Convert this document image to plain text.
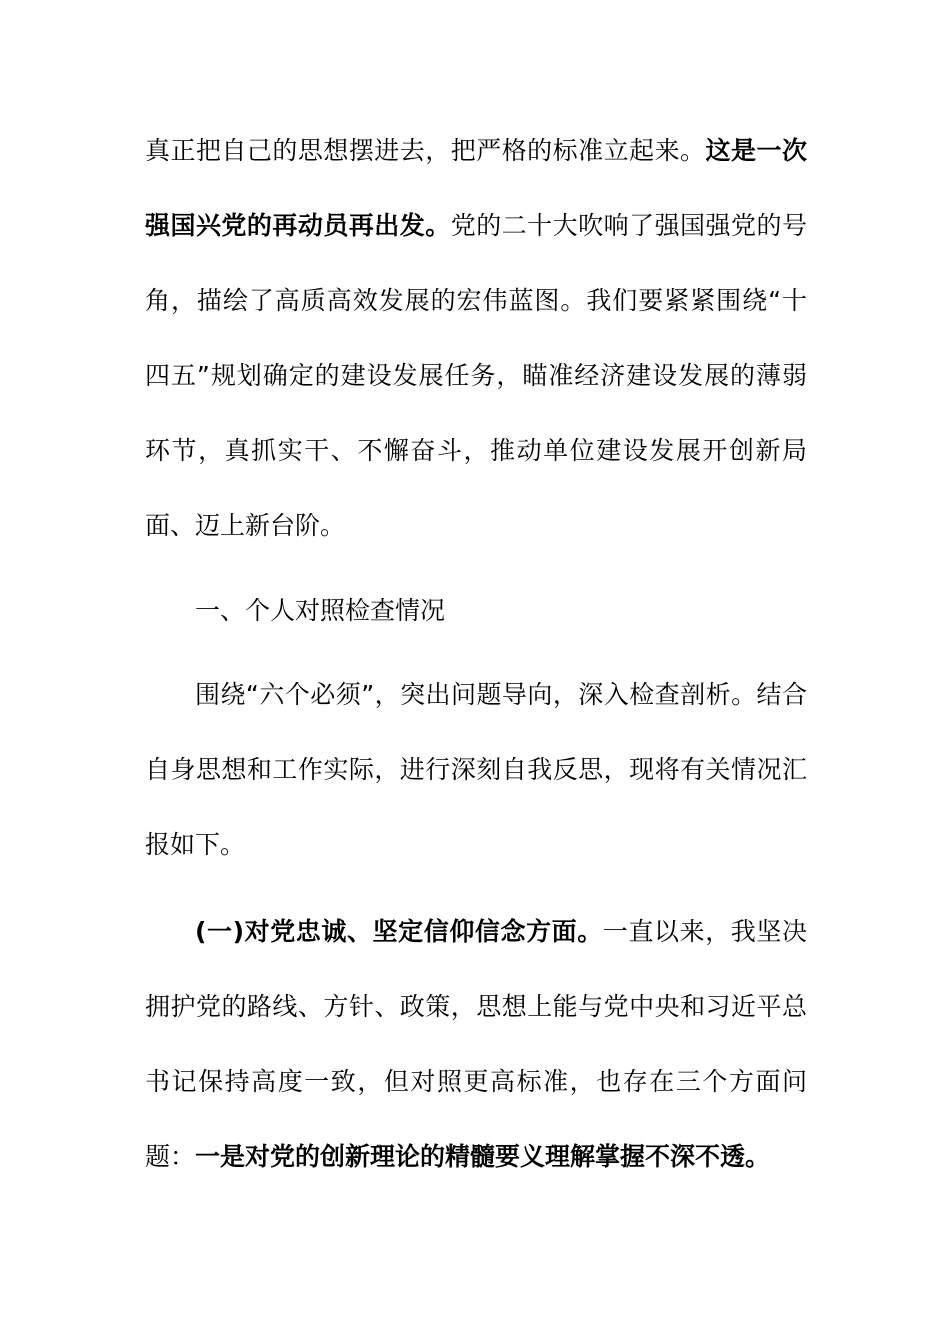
真正把自己的思想摆进去，把严格的标准立起来。这是一次强国兴党的再动员再出发。党的二十大吹响了强国强党的号角，描绘了高质高效发展的宏伟蓝图。我们要紧紧围绕“十四五”规划确定的建设发展任务，瞄准经济建设发展的薄弱环节，真抓实干、不懈奋斗，推动单位建设发展开创新局面、迈上新台阶。

一、个人对照检查情况

围绕“六个必须”，突出问题导向，深入检查剖析。结合自身思想和工作实际，进行深刻自我反思，现将有关情况汇报如下。

(一)对党忠诚、坚定信仰信念方面。一直以来，我坚决拥护党的路线、方针、政策，思想上能与党中央和习近平总书记保持高度一致，但对照更高标准，也存在三个方面问题：一是对党的创新理论的精髓要义理解掌握不深不透。
